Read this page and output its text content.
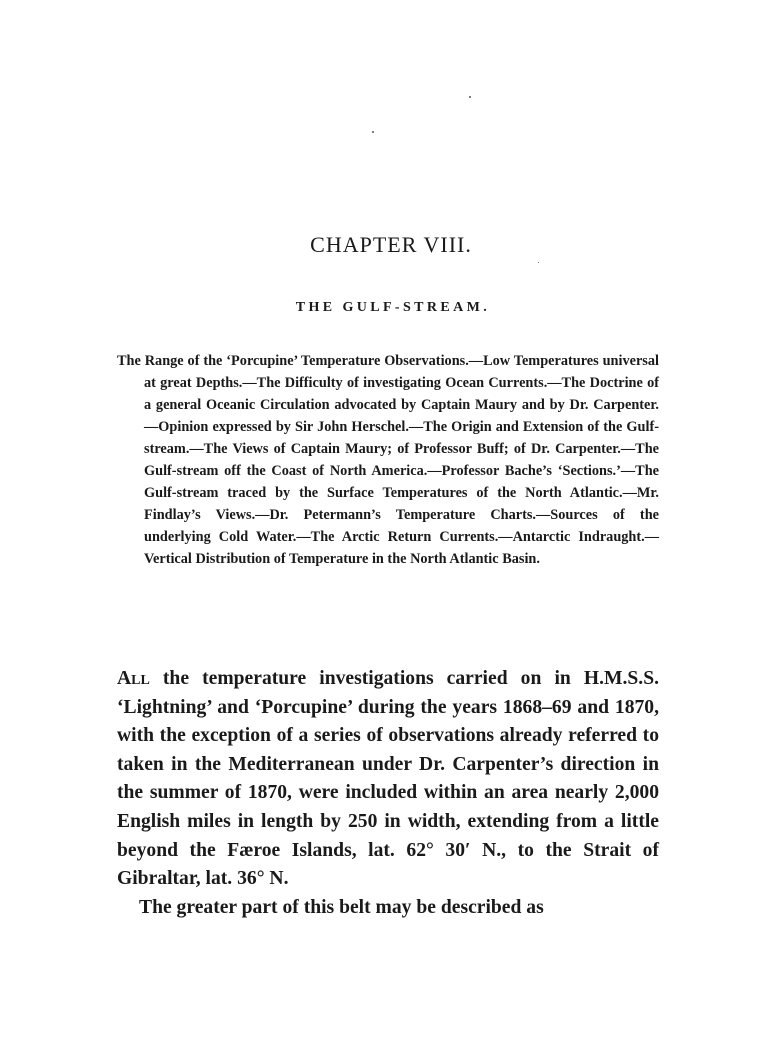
CHAPTER VIII.
THE GULF-STREAM.
The Range of the ‘Porcupine’ Temperature Observations.—Low Temperatures universal at great Depths.—The Difficulty of investigating Ocean Currents.—The Doctrine of a general Oceanic Circulation advocated by Captain Maury and by Dr. Carpenter.—Opinion expressed by Sir John Herschel.—The Origin and Extension of the Gulf-stream.—The Views of Captain Maury; of Professor Buff; of Dr. Carpenter.—The Gulf-stream off the Coast of North America.—Professor Bache’s ‘Sections.’—The Gulf-stream traced by the Surface Temperatures of the North Atlantic.—Mr. Findlay’s Views.—Dr. Petermann’s Temperature Charts.—Sources of the underlying Cold Water.—The Arctic Return Currents.—Antarctic Indraught.—Vertical Distribution of Temperature in the North Atlantic Basin.

All the temperature investigations carried on in H.M.S.S. ‘Lightning’ and ‘Porcupine’ during the years 1868–69 and 1870, with the exception of a series of observations already referred to taken in the Mediterranean under Dr. Carpenter’s direction in the summer of 1870, were included within an area nearly 2,000 English miles in length by 250 in width, extending from a little beyond the Færoe Islands, lat. 62° 30′ N., to the Strait of Gibraltar, lat. 36° N.

The greater part of this belt may be described as
